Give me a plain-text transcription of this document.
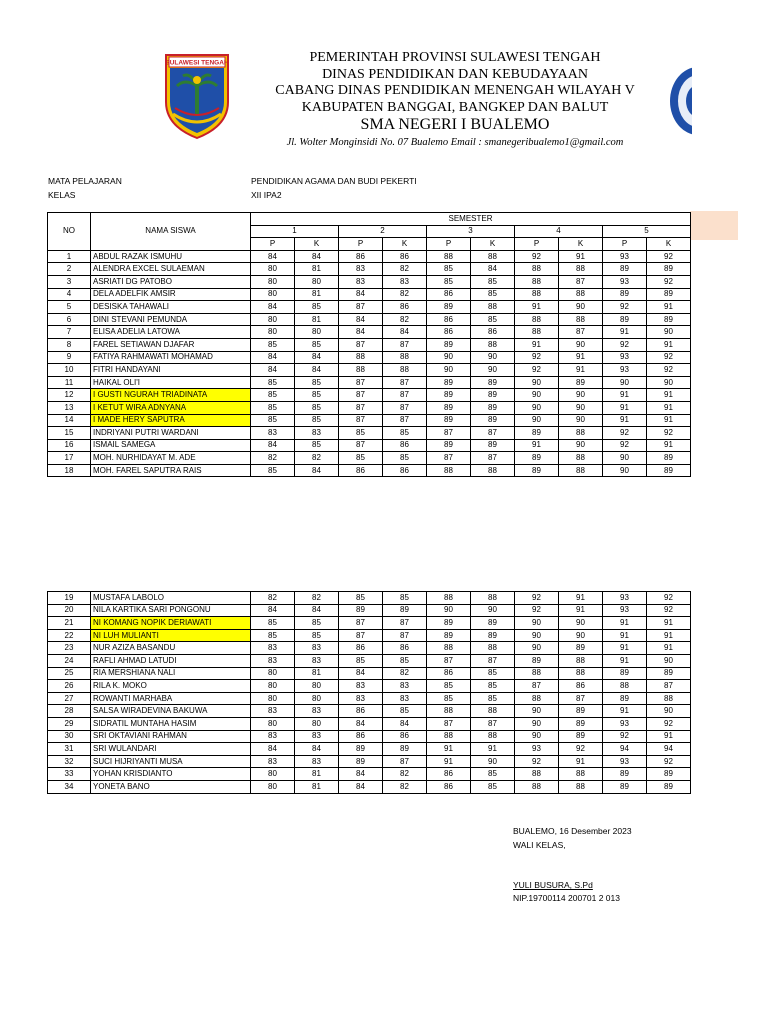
SULAWESI TENGAH	PEMERINTAH PROVINSI SULAWESI TENGAH
DINAS PENDIDIKAN DAN KEBUDAYAAN
CABANG DINAS PENDIDIKAN MENENGAH WILAYAH V
KABUPATEN BANGGAI, BANGKEP DAN BALUT
SMA NEGERI I BUALEMO
Jl. Wolter Monginsidi No. 07 Bualemo Email : smanegeribualemo1@gmail.com
MATA PELAJARAN	PENDIDIKAN AGAMA DAN BUDI PEKERTI
KELAS	XII IPA2
NO	NAMA SISWA	SEMESTER									
		1		2		3		4		5	
		P	K	P	K	P	K	P	K	P	K
1	ABDUL RAZAK ISMUHU	84	84	86	86	88	88	92	91	93	92
2	ALENDRA EXCEL SULAEMAN	80	81	83	82	85	84	88	88	89	89
3	ASRIATI DG PATOBO	80	80	83	83	85	85	88	87	93	92
4	DELA ADELFIK AMSIR	80	81	84	82	86	85	88	88	89	89
5	DESISKA TAHAWALI	84	85	87	86	89	88	91	90	92	91
6	DINI STEVANI PEMUNDA	80	81	84	82	86	85	88	88	89	89
7	ELISA ADELIA LATOWA	80	80	84	84	86	86	88	87	91	90
8	FAREL SETIAWAN DJAFAR	85	85	87	87	89	88	91	90	92	91
9	FATIYA RAHMAWATI MOHAMAD	84	84	88	88	90	90	92	91	93	92
10	FITRI HANDAYANI	84	84	88	88	90	90	92	91	93	92
11	HAIKAL OLI'I	85	85	87	87	89	89	90	89	90	90
12	I GUSTI NGURAH TRIADINATA	85	85	87	87	89	89	90	90	91	91
13	I KETUT WIRA ADNYANA	85	85	87	87	89	89	90	90	91	91
14	I MADE HERY SAPUTRA	85	85	87	87	89	89	90	90	91	91
15	INDRIYANI PUTRI WARDANI	83	83	85	85	87	87	89	88	92	92
16	ISMAIL SAMEGA	84	85	87	86	89	89	91	90	92	91
17	MOH. NURHIDAYAT M. ADE	82	82	85	85	87	87	89	88	90	89
18	MOH. FAREL SAPUTRA RAIS	85	84	86	86	88	88	89	88	90	89
19	MUSTAFA LABOLO	82	82	85	85	88	88	92	91	93	92
20	NILA KARTIKA SARI PONGONU	84	84	89	89	90	90	92	91	93	92
21	NI KOMANG NOPIK DERIAWATI	85	85	87	87	89	89	90	90	91	91
22	NI LUH MULIANTI	85	85	87	87	89	89	90	90	91	91
23	NUR AZIZA BASANDU	83	83	86	86	88	88	90	89	91	91
24	RAFLI AHMAD LATUDI	83	83	85	85	87	87	89	88	91	90
25	RIA MERSHIANA NALI	80	81	84	82	86	85	88	88	89	89
26	RILA K. MOKO	80	80	83	83	85	85	87	86	88	87
27	ROWANTI MARHABA	80	80	83	83	85	85	88	87	89	88
28	SALSA WIRADEVINA BAKUWA	83	83	86	85	88	88	90	89	91	90
29	SIDRATIL MUNTAHA HASIM	80	80	84	84	87	87	90	89	93	92
30	SRI OKTAVIANI RAHMAN	83	83	86	86	88	88	90	89	92	91
31	SRI WULANDARI	84	84	89	89	91	91	93	92	94	94
32	SUCI HIJRIYANTI MUSA	83	83	89	87	91	90	92	91	93	92
33	YOHAN KRISDIANTO	80	81	84	82	86	85	88	88	89	89
34	YONETA BANO	80	81	84	82	86	85	88	88	89	89
BUALEMO, 16 Desember 2023
WALI KELAS,
YULI BUSURA, S.Pd
NIP.19700114 200701 2 013
